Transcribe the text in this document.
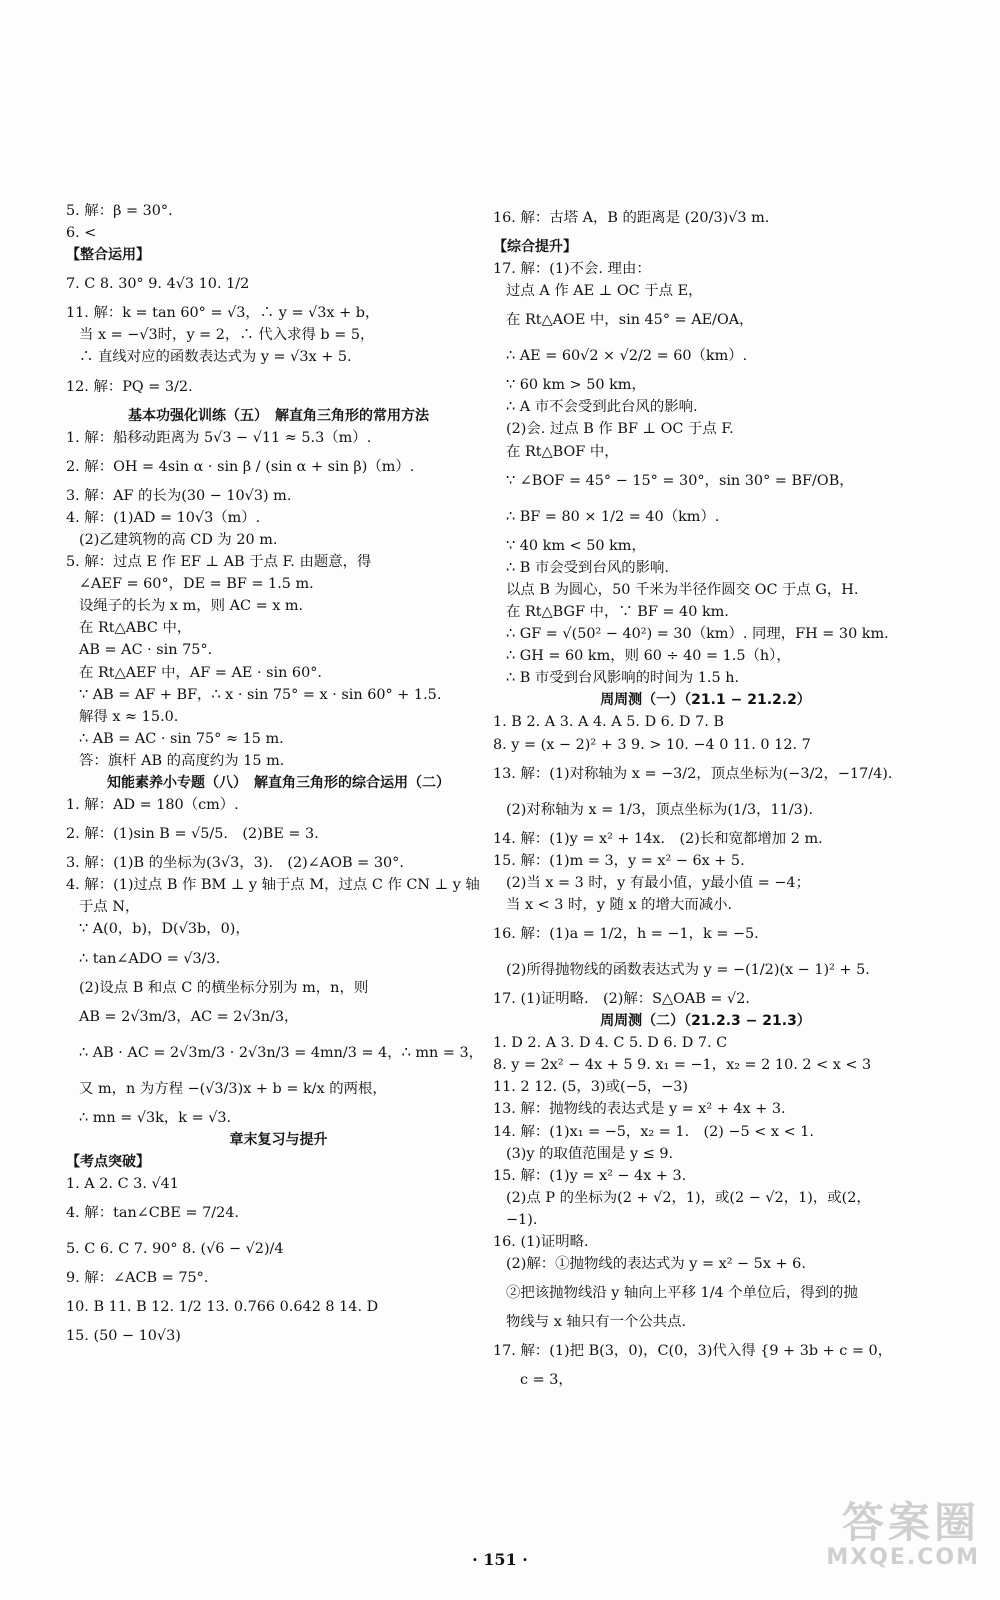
5. 解：β = 30°.
6. <
【整合运用】
7. C 8. 30° 9. 4√3 10. 1/2
11. 解：k = tan 60° = √3，∴ y = √3x + b，
当 x = −√3时，y = 2，∴ 代入求得 b = 5，
∴ 直线对应的函数表达式为 y = √3x + 5.
12. 解：PQ = 3/2.
基本功强化训练（五）　解直角三角形的常用方法
1. 解：船移动距离为 5√3 − √11 ≈ 5.3（m）.
2. 解：OH = 4sin α · sin β / (sin α + sin β)（m）.
3. 解：AF 的长为(30 − 10√3) m.
4. 解：(1)AD = 10√3（m）.
(2)乙建筑物的高 CD 为 20 m.
5. 解：过点 E 作 EF ⊥ AB 于点 F. 由题意，得
∠AEF = 60°，DE = BF = 1.5 m.
设绳子的长为 x m，则 AC = x m.
在 Rt△ABC 中，
AB = AC · sin 75°.
在 Rt△AEF 中，AF = AE · sin 60°.
∵ AB = AF + BF，∴ x · sin 75° = x · sin 60° + 1.5.
解得 x ≈ 15.0.
∴ AB = AC · sin 75° ≈ 15 m.
答：旗杆 AB 的高度约为 15 m.
知能素养小专题（八）　解直角三角形的综合运用（二）
1. 解：AD = 180（cm）.
2. 解：(1)sin B = √5/5.　(2)BE = 3.
3. 解：(1)B 的坐标为(3√3，3).　(2)∠AOB = 30°.
4. 解：(1)过点 B 作 BM ⊥ y 轴于点 M，过点 C 作 CN ⊥ y 轴
于点 N，
∵ A(0，b)，D(√3b，0)，
∴ tan∠ADO = √3/3.
(2)设点 B 和点 C 的横坐标分别为 m，n，则
AB = 2√3m/3，AC = 2√3n/3，
∴ AB · AC = 2√3m/3 · 2√3n/3 = 4mn/3 = 4，∴ mn = 3，
又 m，n 为方程 −(√3/3)x + b = k/x 的两根，
∴ mn = √3k，k = √3.
章末复习与提升
【考点突破】
1. A 2. C 3. √41
4. 解：tan∠CBE = 7/24.
5. C 6. C 7. 90° 8. (√6 − √2)/4
9. 解：∠ACB = 75°.
10. B 11. B 12. 1/2 13. 0.766 0.642 8 14. D
15. (50 − 10√3)
16. 解：古塔 A，B 的距离是 (20/3)√3 m.
【综合提升】
17. 解：(1)不会. 理由：
过点 A 作 AE ⊥ OC 于点 E，
在 Rt△AOE 中，sin 45° = AE/OA，
∴ AE = 60√2 × √2/2 = 60（km）.
∵ 60 km > 50 km，
∴ A 市不会受到此台风的影响.
(2)会. 过点 B 作 BF ⊥ OC 于点 F.
在 Rt△BOF 中，
∵ ∠BOF = 45° − 15° = 30°，sin 30° = BF/OB，
∴ BF = 80 × 1/2 = 40（km）.
∵ 40 km < 50 km，
∴ B 市会受到台风的影响.
以点 B 为圆心，50 千米为半径作圆交 OC 于点 G，H.
在 Rt△BGF 中，∵ BF = 40 km.
∴ GF = √(50² − 40²) = 30（km）. 同理，FH = 30 km.
∴ GH = 60 km，则 60 ÷ 40 = 1.5（h），
∴ B 市受到台风影响的时间为 1.5 h.
周周测（一）（21.1 − 21.2.2）
1. B 2. A 3. A 4. A 5. D 6. D 7. B
8. y = (x − 2)² + 3 9. > 10. −4 0 11. 0 12. 7
13. 解：(1)对称轴为 x = −3/2，顶点坐标为(−3/2，−17/4).
(2)对称轴为 x = 1/3，顶点坐标为(1/3，11/3).
14. 解：(1)y = x² + 14x.　(2)长和宽都增加 2 m.
15. 解：(1)m = 3，y = x² − 6x + 5.
(2)当 x = 3 时，y 有最小值，y最小值 = −4；
当 x < 3 时，y 随 x 的增大而减小.
16. 解：(1)a = 1/2，h = −1，k = −5.
(2)所得抛物线的函数表达式为 y = −(1/2)(x − 1)² + 5.
17. (1)证明略.　(2)解：S△OAB = √2.
周周测（二）（21.2.3 − 21.3）
1. D 2. A 3. D 4. C 5. D 6. D 7. C
8. y = 2x² − 4x + 5 9. x₁ = −1，x₂ = 2 10. 2 < x < 3
11. 2 12. (5，3)或(−5，−3)
13. 解：抛物线的表达式是 y = x² + 4x + 3.
14. 解：(1)x₁ = −5，x₂ = 1.　(2) −5 < x < 1.
(3)y 的取值范围是 y ≤ 9.
15. 解：(1)y = x² − 4x + 3.
(2)点 P 的坐标为(2 + √2，1)，或(2 − √2，1)，或(2，
−1).
16. (1)证明略.
(2)解：①抛物线的表达式为 y = x² − 5x + 6.
②把该抛物线沿 y 轴向上平移 1/4 个单位后，得到的抛
物线与 x 轴只有一个公共点.
17. 解：(1)把 B(3，0)，C(0，3)代入得 {9 + 3b + c = 0，
c = 3，
· 151 ·
答案圈
MXQE.COM
